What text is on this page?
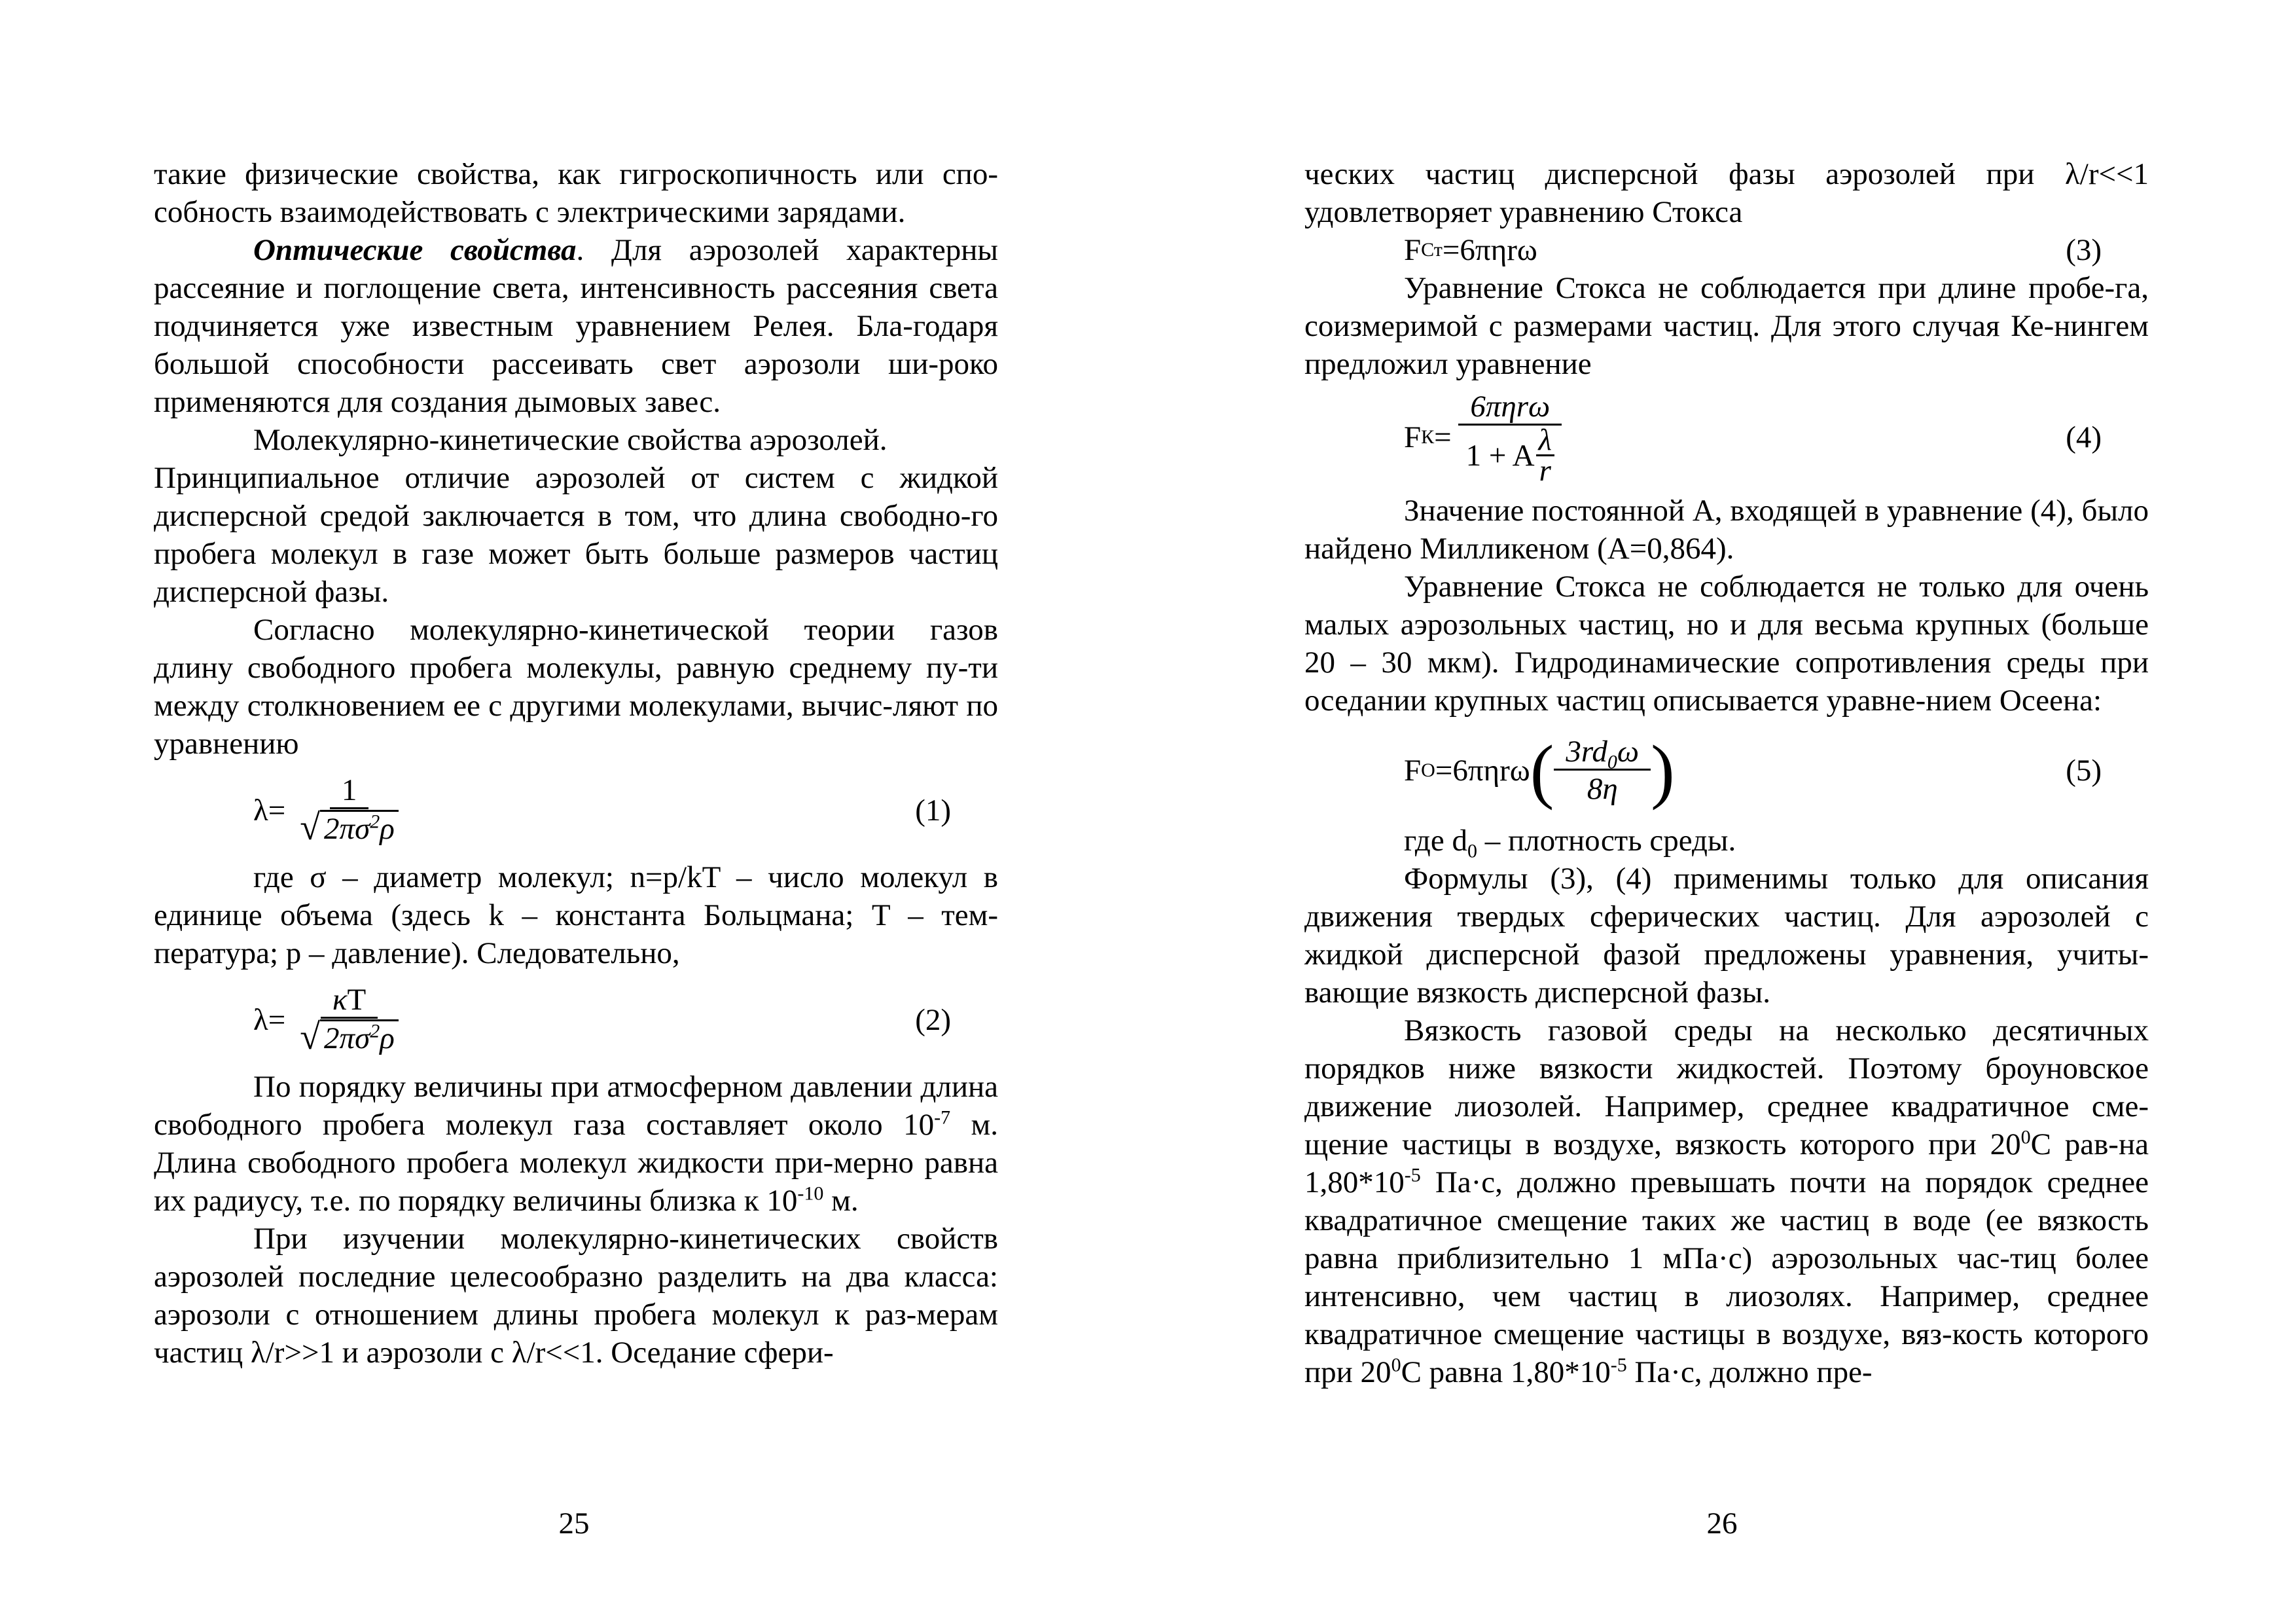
такие физические свойства, как гигроскопичность или спо-собность взаимодействовать с электрическими зарядами.

Оптические свойства. Для аэрозолей характерны рассеяние и поглощение света, интенсивность рассеяния света подчиняется уже известным уравнением Релея. Бла-годаря большой способности рассеивать свет аэрозоли ши-роко применяются для создания дымовых завес.

Молекулярно-кинетические свойства аэрозолей.

Принципиальное отличие аэрозолей от систем с жидкой дисперсной средой заключается в том, что длина свободно-го пробега молекул в газе может быть больше размеров частиц дисперсной фазы.

Согласно молекулярно-кинетической теории газов длину свободного пробега молекулы, равную среднему пу-ти между столкновением ее с другими молекулами, вычис-ляют по уравнению

$\lambda= \frac{1}{√ 2\pi\sigma^2\rho}$	(1)

где σ – диаметр молекул; n=p/kT – число молекул в единице объема (здесь k – константа Больцмана; T – тем-пература; p – давление). Следовательно,

$\lambda= \frac{\kappa T}{√ 2\pi\sigma^2\rho}$	(2)

По порядку величины при атмосферном давлении длина свободного пробега молекул газа составляет около $10^{-7}$ м. Длина свободного пробега молекул жидкости при-мерно равна их радиусу, т.е. по порядку величины близка к $10^{-10}$ м.

При изучении молекулярно-кинетических свойств аэрозолей последние целесообразно разделить на два класса: аэрозоли с отношением длины пробега молекул к раз-мерам частиц λ/r>>1 и аэрозоли с λ/r<<1. Оседание сфери-

25

ческих частиц дисперсной фазы аэрозолей при λ/r<<1 удовлетворяет уравнению Стокса

F Ст =6πηrω	(3)

Уравнение Стокса не соблюдается при длине пробе-га, соизмеримой с размерами частиц. Для этого случая Ке-нингем предложил уравнение

F $К = \frac{\text{6πηrω}}{1 + A \frac{\lambda}{r}}$	(4)

Значение постоянной A, входящей в уравнение (4), было найдено Милликеном (A=0,864).

Уравнение Стокса не соблюдается не только для очень малых аэрозольных частиц, но и для весьма крупных (больше 20 – 30 мкм). Гидродинамические сопротивления среды при оседании крупных частиц описывается уравне-нием Осеена:

F O =6πηrω ( $\frac{3rd_0\omega}{8\eta}$ )	(5)

где $d_0$ – плотность среды.

Формулы (3), (4) применимы только для описания движения твердых сферических частиц. Для аэрозолей с жидкой дисперсной фазой предложены уравнения, учиты-вающие вязкость дисперсной фазы.

Вязкость газовой среды на несколько десятичных порядков ниже вязкости жидкостей. Поэтому броуновское движение лиозолей. Например, среднее квадратичное сме-щение частицы в воздухе, вязкость которого при $20^0C$ рав-на $1,80*10^{-5}$ Па·с, должно превышать почти на порядок среднее квадратичное смещение таких же частиц в воде (ее вязкость равна приблизительно 1 мПа·с) аэрозольных час-тиц более интенсивно, чем частиц в лиозолях. Например, среднее квадратичное смещение частицы в воздухе, вяз-кость которого при $20^0C$ равна $1,80*10^{-5}$ Па·с, должно пре-

26
